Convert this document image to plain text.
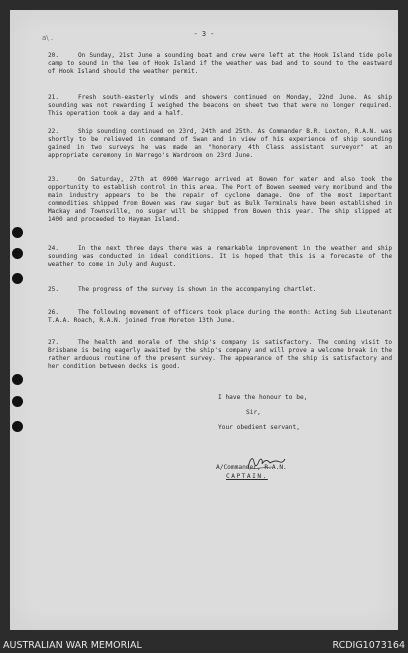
a\ .	- 3 -
20.	On Sunday, 21st June a sounding boat and crew were left at the Hook Island tide pole camp to sound in the lee of Hook Island if the weather was bad and to sound to the eastward of Hook Island should the weather permit.
21.	Fresh south-easterly winds and showers continued on Monday, 22nd June. As ship sounding was not rewarding I weighed the beacons on sheet two that were no longer required. This operation took a day and a half.
22.	Ship sounding continued on 23rd, 24th and 25th. As Commander B.R. Loxton, R.A.N. was shortly to be relieved in command of Swan and in view of his experience of ship sounding gained in two surveys he was made an "honorary 4th Class assistant surveyor" at an appropriate ceremony in Warrego's Wardroom on 23rd June.
23.	On Saturday, 27th at 0900 Warrego arrived at Bowen for water and also took the opportunity to establish control in this area. The Port of Bowen seemed very moribund and the main industry appears to be the repair of cyclone damage. One of the most important commodities shipped from Bowen was raw sugar but as Bulk Terminals have been established in Mackay and Townsville, no sugar will be shipped from Bowen this year. The ship slipped at 1400 and proceeded to Hayman Island.
24.	In the next three days there was a remarkable improvement in the weather and ship sounding was conducted in ideal conditions. It is hoped that this is a forecaste of the weather to come in July and August.
25.	The progress of the survey is shown in the accompanying chartlet.
26.	The following movement of officers took place during the month: Acting Sub Lieutenant T.A.A. Roach, R.A.N. joined from Moreton 13th June.
27.	The health and morale of the ship's company is satisfactory. The coming visit to Brisbane is being eagerly awaited by the ship's company and will prove a welcome break in the rather arduous routine of the present survey. The appearance of the ship is satisfactory and her condition between decks is good.
I have the honour to be,
Sir,
Your obedient servant,
A/Commander, R.A.N.
CAPTAIN.
AUSTRALIAN WAR MEMORIAL	RCDIG1073164
